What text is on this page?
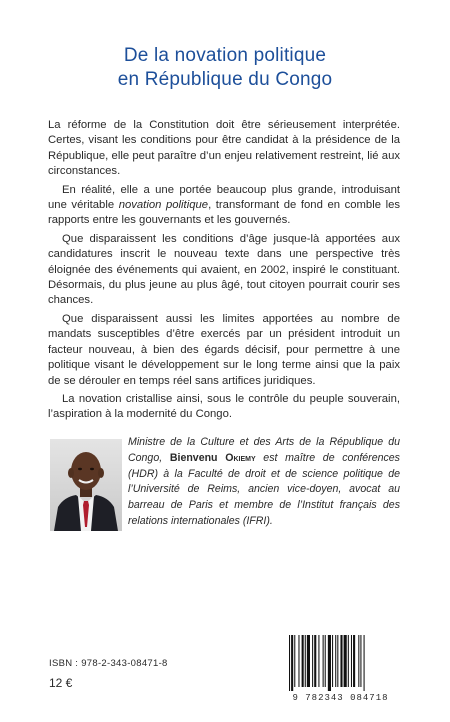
De la novation politique
en République du Congo

La réforme de la Constitution doit être sérieusement interprétée. Certes, visant les conditions pour être candidat à la présidence de la République, elle peut paraître d’un enjeu relativement restreint, lié aux circonstances.

En réalité, elle a une portée beaucoup plus grande, introduisant une véritable novation politique, transformant de fond en comble les rapports entre les gouvernants et les gouvernés.

Que disparaissent les conditions d’âge jusque-là apportées aux candidatures inscrit le nouveau texte dans une perspective très éloignée des événements qui avaient, en 2002, inspiré le constituant. Désormais, du plus jeune au plus âgé, tout citoyen pourrait courir ses chances.

Que disparaissent aussi les limites apportées au nombre de mandats susceptibles d’être exercés par un président introduit un facteur nouveau, à bien des égards décisif, pour permettre à une politique visant le développement sur le long terme ainsi que la paix de se dérouler en temps réel sans artifices juridiques.

La novation cristallise ainsi, sous le contrôle du peuple souverain, l’aspiration à la modernité du Congo.

Ministre de la Culture et des Arts de la République du Congo, Bienvenu Okiemy est maître de conférences (HDR) à la Faculté de droit et de science politique de l’Université de Reims, ancien vice-doyen, avocat au barreau de Paris et membre de l’Institut français des relations internationales (IFRI).
ISBN : 978-2-343-08471-8
12 €
9 782343 084718
